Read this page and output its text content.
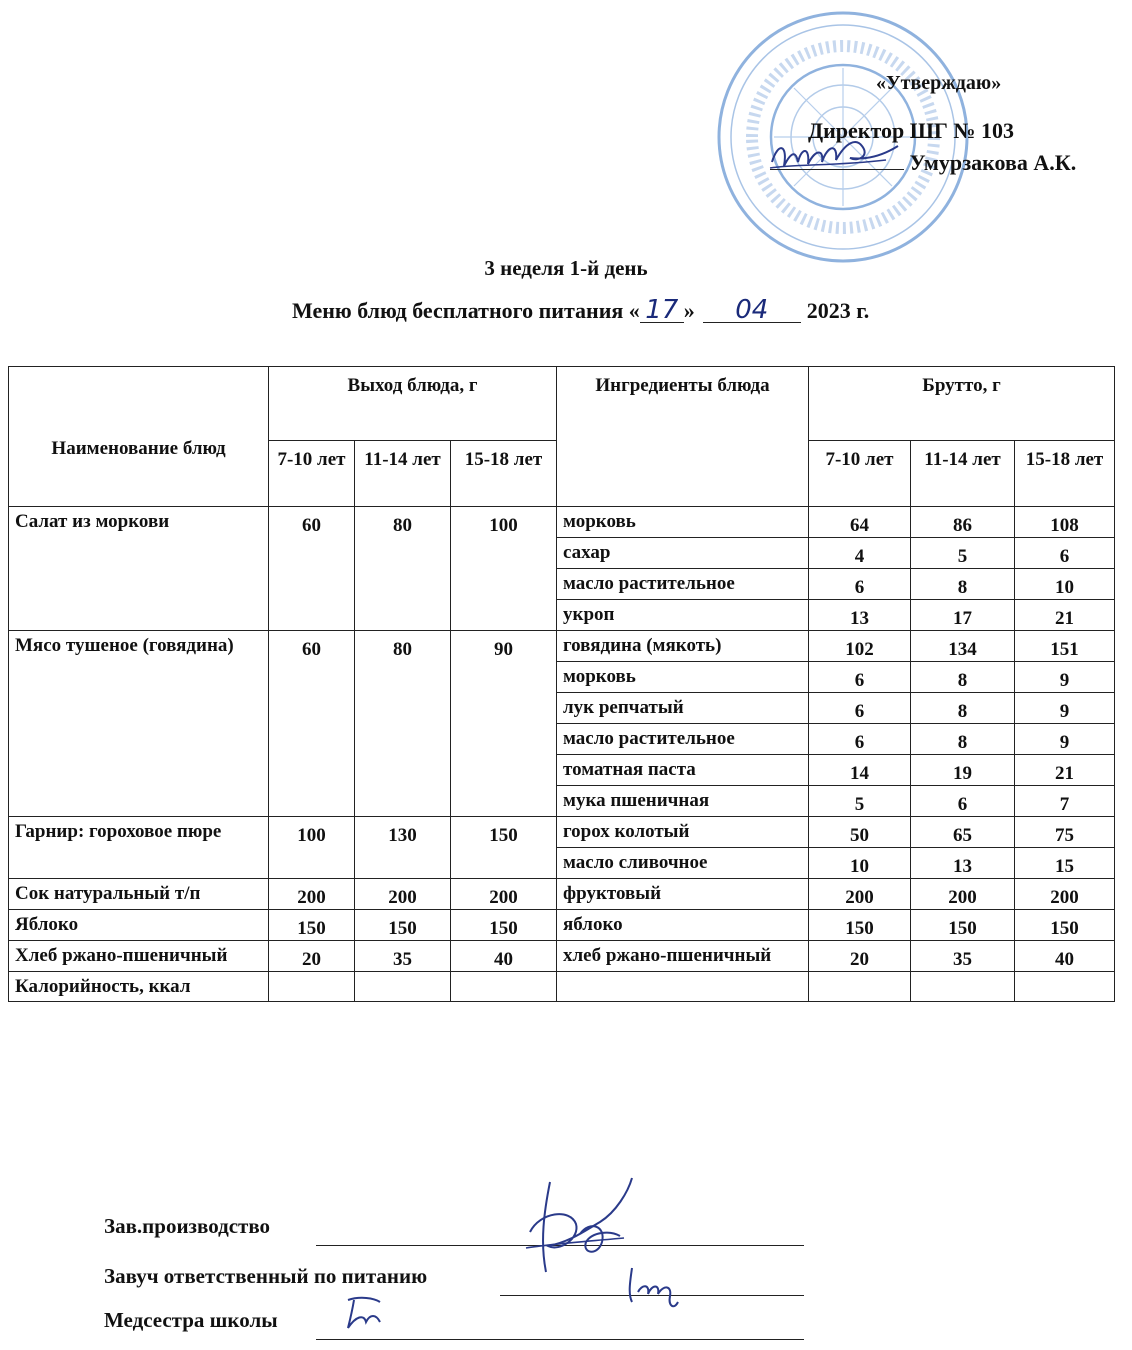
«Утверждаю»
Директор ШГ № 103
Умурзакова А.К.
3 неделя 1-й день
Меню блюд бесплатного питания « 17 » 04 2023 г.
Наименование блюд	Выход блюда, г			Ингредиенты блюда	Брутто, г		
	7-10 лет	11-14 лет	15-18 лет		7-10 лет	11-14 лет	15-18 лет
Салат из моркови	60	80	100	морковь	64	86	108
				сахар	4	5	6
				масло растительное	6	8	10
				укроп	13	17	21
Мясо тушеное (говядина)	60	80	90	говядина (мякоть)	102	134	151
				морковь	6	8	9
				лук репчатый	6	8	9
				масло растительное	6	8	9
				томатная паста	14	19	21
				мука пшеничная	5	6	7
Гарнир: гороховое пюре	100	130	150	горох колотый	50	65	75
				масло сливочное	10	13	15
Сок натуральный т/п	200	200	200	фруктовый	200	200	200
Яблоко	150	150	150	яблоко	150	150	150
Хлеб ржано-пшеничный	20	35	40	хлеб ржано-пшеничный	20	35	40
Калорийность, ккал							
Зав.производство
Завуч ответственный по питанию
Медсестра школы
